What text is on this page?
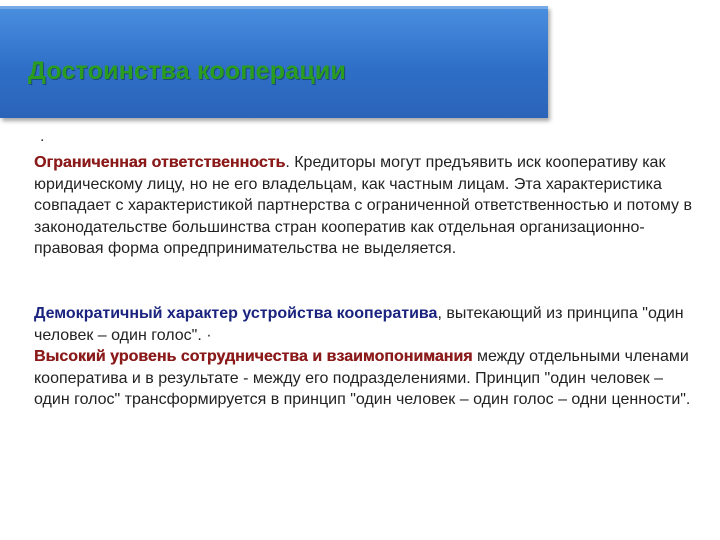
Достоинства кооперации
.
Ограниченная ответственность. Кредиторы могут предъявить иск кооперативу как юридическому лицу, но не его владельцам, как частным лицам. Эта характеристика совпадает с характеристикой партнерства с ограниченной ответственностью и потому в законодательстве большинства стран кооператив как отдельная организационно-правовая форма опредпринимательства не выделяется.
Демократичный характер устройства кооператива, вытекающий из принципа "один человек – один голос". ·
Высокий уровень сотрудничества и взаимопонимания между отдельными членами кооператива и в результате - между его подразделениями. Принцип "один человек – один голос" трансформируется в принцип "один человек – один голос – одни ценности".
